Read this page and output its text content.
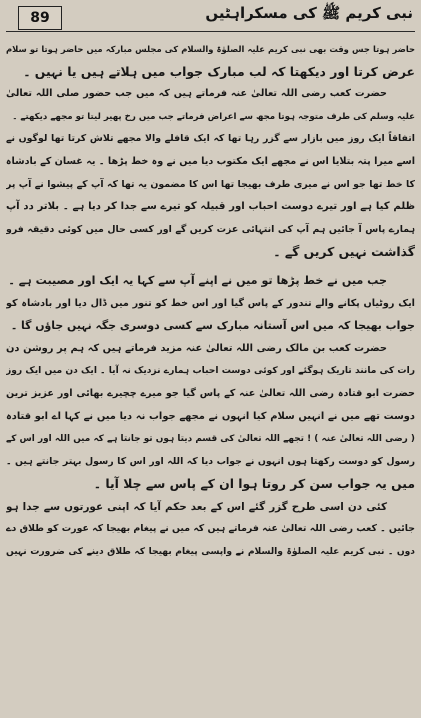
89	نبی کریم ﷺ کی مسکراہٹیں
حاضر ہوتا جس وقت بھی نبی کریم علیہ الصلوٰۃ والسلام کی مجلس مبارکہ میں حاضر ہوتا تو سلام
عرض کرتا اور دیکھتا کہ لب مبارک جواب میں ہلاتے ہیں یا نہیں ۔
حضرت کعب رضی اللہ تعالیٰ عنہ فرماتے ہیں کہ میں جب حضور صلی اللہ تعالیٰ
علیہ وسلم کی طرف متوجہ ہوتا مجھ سے اعراض فرماتے جب میں رخ پھیر لیتا تو مجھے دیکھتے ۔
اتفاقاً ایک روز میں بازار سے گزر رہا تھا کہ ایک قافلے والا مجھے تلاش کرتا تھا لوگوں نے
اسے میرا پتہ بتلایا اس نے مجھے ایک مکتوب دیا میں نے وہ خط پڑھا ۔ یہ غسان کے بادشاہ
کا خط تھا جو اس نے میری طرف بھیجا تھا اس کا مضمون یہ تھا کہ آپ کے پیشوا نے آپ پر
ظلم کیا ہے اور تیرے دوست احباب اور قبیلہ کو تیرے سے جدا کر دیا ہے ۔ بلاتر دد آپ
ہمارے پاس آ جائیں ہم آپ کی انتہائی عزت کریں گے اور کسی حال میں کوئی دقیقہ فرو
گذاشت نہیں کریں گے ۔
جب میں نے خط پڑھا تو میں نے اپنے آپ سے کہا یہ ایک اور مصیبت ہے ۔
ایک روٹیاں پکانے والے تندور کے پاس گیا اور اس خط کو تنور میں ڈال دیا اور بادشاہ کو
جواب بھیجا کہ میں اس آستانہ مبارک سے کسی دوسری جگہ نہیں جاؤں گا ۔
حضرت کعب بن مالک رضی اللہ تعالیٰ عنہ مزید فرماتے ہیں کہ ہم پر روشن دن
رات کی مانند تاریک ہوگئے اور کوئی دوست احباب ہمارے نزدیک نہ آیا ۔ ایک دن میں ایک روز
حضرت ابو قتادہ رضی اللہ تعالیٰ عنہ کے پاس گیا جو میرے چچیرے بھائی اور عزیز ترین
دوست تھے میں نے انہیں سلام کیا انہوں نے مجھے جواب نہ دیا میں نے کہا اے ابو قتادہ
( رضی اللہ تعالیٰ عنہ ) ! تجھے اللہ تعالیٰ کی قسم دیتا ہوں تو جانتا ہے کہ میں اللہ اور اس کے
رسول کو دوست رکھتا ہوں انہوں نے جواب دیا کہ اللہ اور اس کا رسول بہتر جانتے ہیں ۔
میں یہ جواب سن کر روتا ہوا ان کے پاس سے چلا آیا ۔
کئی دن اسی طرح گزر گئے اس کے بعد حکم آیا کہ اپنی عورتوں سے جدا ہو
جائیں ۔ کعب رضی اللہ تعالیٰ عنہ فرماتے ہیں کہ میں نے پیغام بھیجا کہ عورت کو طلاق دے
دوں ۔ نبی کریم علیہ الصلوٰۃ والسلام نے واپسی پیغام بھیجا کہ طلاق دینے کی ضرورت نہیں
